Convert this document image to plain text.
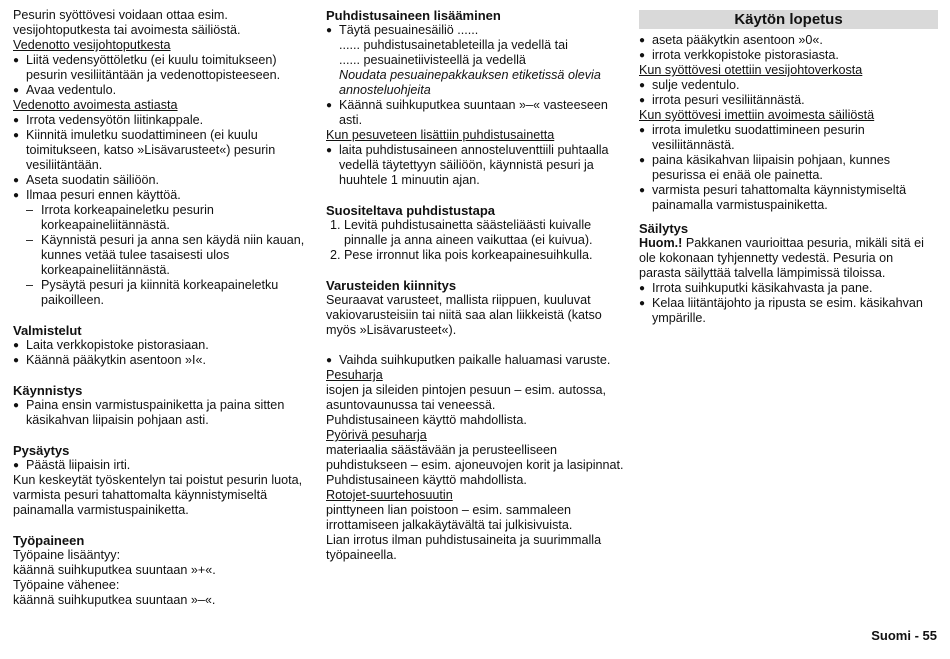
Pesurin syöttövesi voidaan ottaa esim. vesijohtoputkesta tai avoimesta säiliöstä.

Vedenotto vesijohtoputkesta

● Liitä vedensyöttöletku (ei kuulu toimitukseen) pesurin vesiliitäntään ja vedenottopisteeseen.

● Avaa vedentulo.

Vedenotto avoimesta astiasta

● Irrota vedensyötön liitinkappale.

● Kiinnitä imuletku suodattimineen (ei kuulu toimitukseen, katso »Lisävarusteet«) pesurin vesiliitäntään.

● Aseta suodatin säiliöön.

● Ilmaa pesuri ennen käyttöä.

– Irrota korkeapaineletku pesurin korkeapaineliitännästä.

– Käynnistä pesuri ja anna sen käydä niin kauan, kunnes vetää tulee tasaisesti ulos korkeapaineliitännästä.

– Pysäytä pesuri ja kiinnitä korkeapaineletku paikoilleen.

Valmistelut

● Laita verkkopistoke pistorasiaan.

● Käännä pääkytkin asentoon »I«.

Käynnistys

● Paina ensin varmistuspainiketta ja paina sitten käsikahvan liipaisin pohjaan asti.

Pysäytys

● Päästä liipaisin irti.

Kun keskeytät työskentelyn tai poistut pesurin luota, varmista pesuri tahattomalta käynnistymiseltä painamalla varmistuspainiketta.

Työpaineen

Työpaine lisääntyy:

käännä suihkuputkea suuntaan »+«.

Työpaine vähenee:

käännä suihkuputkea suuntaan »–«.

Puhdistusaineen lisääminen

● Täytä pesuainesäiliö ......

...... puhdistusainetableteilla ja vedellä tai

...... pesuainetiivisteellä ja vedellä

Noudata pesuainepakkauksen etiketissä olevia annosteluohjeita

● Käännä suihkuputkea suuntaan »–« vasteeseen asti.

Kun pesuveteen lisättiin puhdistusainetta

● laita puhdistusaineen annosteluventtiili puhtaalla vedellä täytettyyn säiliöön, käynnistä pesuri ja huuhtele 1 minuutin ajan.

Suositeltava puhdistustapa

1. Levitä puhdistusainetta säästeliäästi kuivalle pinnalle ja anna aineen vaikuttaa (ei kuivua).

2. Pese irronnut lika pois korkeapainesuihkulla.

Varusteiden kiinnitys

Seuraavat varusteet, mallista riippuen, kuuluvat vakiovarusteisiin tai niitä saa alan liikkeistä (katso myös »Lisävarusteet«).

● Vaihda suihkuputken paikalle haluamasi varuste.

Pesuharja

isojen ja sileiden pintojen pesuun – esim. autossa, asuntovaunussa tai veneessä.

Puhdistusaineen käyttö mahdollista.

Pyörivä pesuharja

materiaalia säästävään ja perusteelliseen puhdistukseen – esim. ajoneuvojen korit ja lasipinnat.

Puhdistusaineen käyttö mahdollista.

Rotojet-suurtehosuutin

pinttyneen lian poistoon – esim. sammaleen irrottamiseen jalkakäytävältä tai julkisivuista.

Lian irrotus ilman puhdistusaineita ja suurimmalla työpaineella.

Käytön lopetus

● aseta pääkytkin asentoon »0«.

● irrota verkkopistoke pistorasiasta.

Kun syöttövesi otettiin vesijohtoverkosta

● sulje vedentulo.

● irrota pesuri vesiliitännästä.

Kun syöttövesi imettiin avoimesta säiliöstä

● irrota imuletku suodattimineen pesurin vesiliitännästä.

● paina käsikahvan liipaisin pohjaan, kunnes pesurissa ei enää ole painetta.

● varmista pesuri tahattomalta käynnistymiseltä painamalla varmistuspainiketta.

Säilytys

Huom.! Pakkanen vaurioittaa pesuria, mikäli sitä ei ole kokonaan tyhjennetty vedestä. Pesuria on parasta säilyttää talvella lämpimissä tiloissa.

● Irrota suihkuputki käsikahvasta ja pane.

● Kelaa liitäntäjohto ja ripusta se esim. käsikahvan ympärille.

Suomi - 55
